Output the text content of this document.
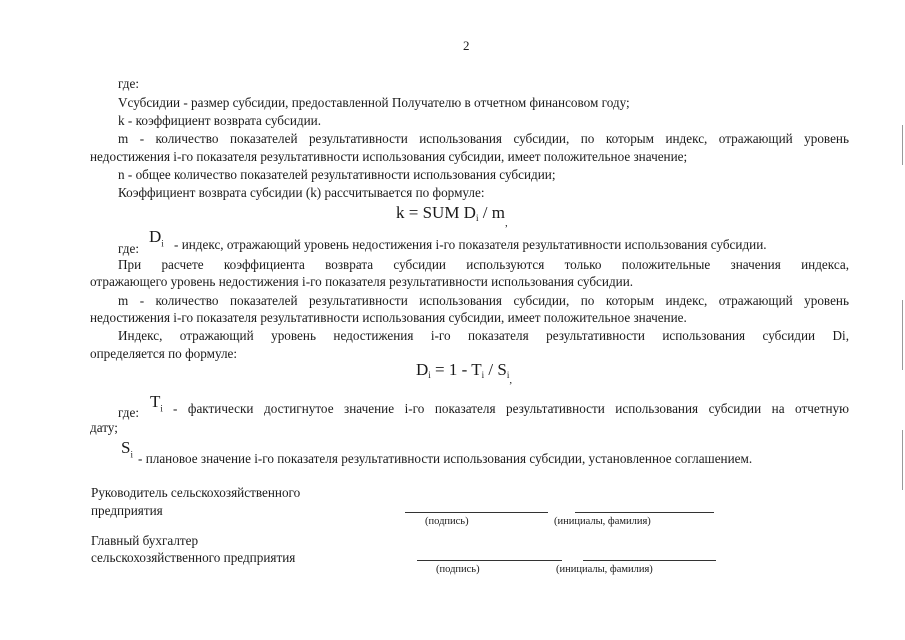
2
где:
Vсубсидии - размер субсидии, предоставленной Получателю в отчетном финансовом году;
k - коэффициент возврата субсидии.
m - количество показателей результативности использования субсидии, по которым индекс, отражающий уровень
недостижения i-го показателя результативности использования субсидии, имеет положительное значение;
n - общее количество показателей результативности использования субсидии;
Коэффициент возврата субсидии (k) рассчитывается по формуле:
k = SUM $D_i / m_,$
где:
$D_i$ - индекс, отражающий уровень недостижения i-го показателя результативности использования субсидии.
При расчете коэффициента возврата субсидии используются только положительные значения индекса,
отражающего уровень недостижения i-го показателя результативности использования субсидии.
m - количество показателей результативности использования субсидии, по которым индекс, отражающий уровень
недостижения i-го показателя результативности использования субсидии, имеет положительное значение.
Индекс, отражающий уровень недостижения i-го показателя результативности использования субсидии Di,
определяется по формуле:
$D_i = 1 - T_i / S_{i,}$
где:
$T_i$ - фактически достигнутое значение i-го показателя результативности использования субсидии на отчетную
дату;
$S_i$ - плановое значение i-го показателя результативности использования субсидии, установленное соглашением.
Руководитель сельскохозяйственного
предприятия
(подпись)	(инициалы, фамилия)
Главный бухгалтер
сельскохозяйственного предприятия
(подпись)	(инициалы, фамилия)
